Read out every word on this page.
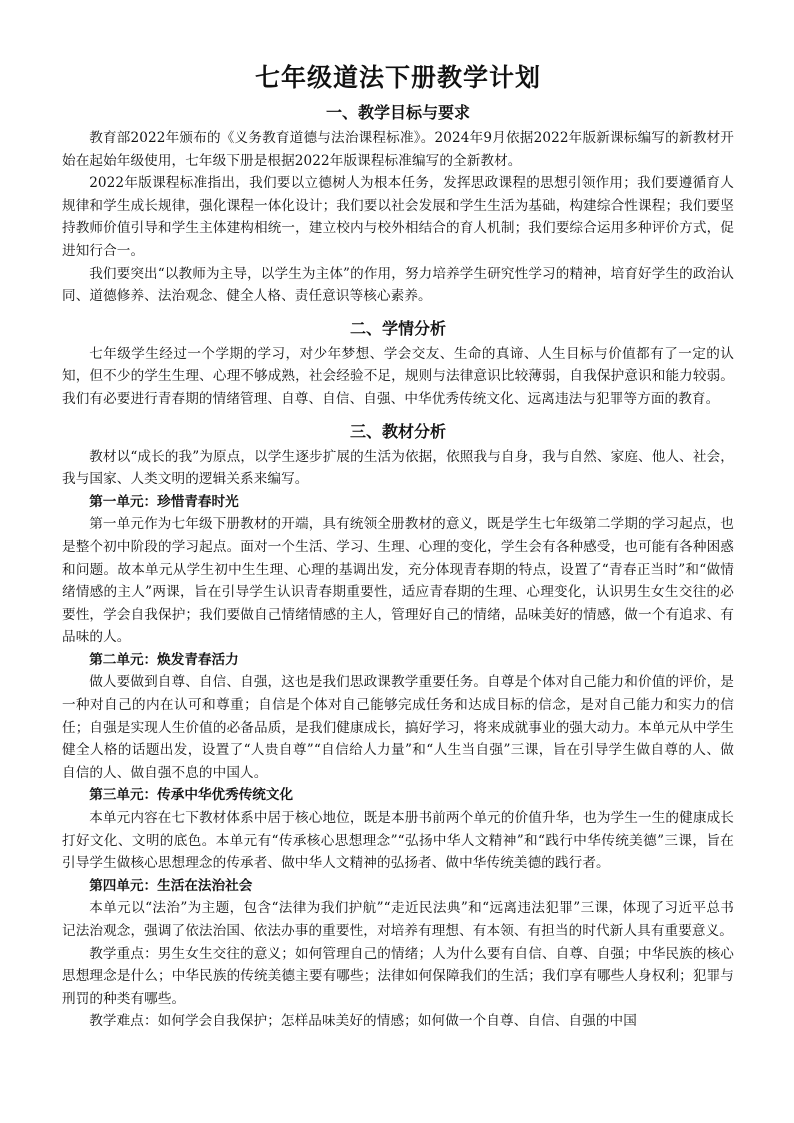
七年级道法下册教学计划
一、教学目标与要求

教育部2022年颁布的《义务教育道德与法治课程标准》。2024年9月依据2022年版新课标编写的新教材开始在起始年级使用，七年级下册是根据2022年版课程标准编写的全新教材。

2022年版课程标准指出，我们要以立德树人为根本任务，发挥思政课程的思想引领作用；我们要遵循育人规律和学生成长规律，强化课程一体化设计；我们要以社会发展和学生生活为基础，构建综合性课程；我们要坚持教师价值引导和学生主体建构相统一，建立校内与校外相结合的育人机制；我们要综合运用多种评价方式，促进知行合一。

我们要突出“以教师为主导，以学生为主体”的作用，努力培养学生研究性学习的精神，培育好学生的政治认同、道德修养、法治观念、健全人格、责任意识等核心素养。

二、学情分析

七年级学生经过一个学期的学习，对少年梦想、学会交友、生命的真谛、人生目标与价值都有了一定的认知，但不少的学生生理、心理不够成熟，社会经验不足，规则与法律意识比较薄弱，自我保护意识和能力较弱。我们有必要进行青春期的情绪管理、自尊、自信、自强、中华优秀传统文化、远离违法与犯罪等方面的教育。

三、教材分析

教材以“成长的我”为原点，以学生逐步扩展的生活为依据，依照我与自身，我与自然、家庭、他人、社会，我与国家、人类文明的逻辑关系来编写。

第一单元：珍惜青春时光

第一单元作为七年级下册教材的开端，具有统领全册教材的意义，既是学生七年级第二学期的学习起点，也是整个初中阶段的学习起点。面对一个生活、学习、生理、心理的变化，学生会有各种感受，也可能有各种困惑和问题。故本单元从学生初中生生理、心理的基调出发，充分体现青春期的特点，设置了“青春正当时”和“做情绪情感的主人”两课，旨在引导学生认识青春期重要性，适应青春期的生理、心理变化，认识男生女生交往的必要性，学会自我保护；我们要做自己情绪情感的主人，管理好自己的情绪，品味美好的情感，做一个有追求、有品味的人。

第二单元：焕发青春活力

做人要做到自尊、自信、自强，这也是我们思政课教学重要任务。自尊是个体对自己能力和价值的评价，是一种对自己的内在认可和尊重；自信是个体对自己能够完成任务和达成目标的信念，是对自己能力和实力的信任；自强是实现人生价值的必备品质，是我们健康成长，搞好学习，将来成就事业的强大动力。本单元从中学生健全人格的话题出发，设置了“人贵自尊”“自信给人力量”和“人生当自强”三课，旨在引导学生做自尊的人、做自信的人、做自强不息的中国人。

第三单元：传承中华优秀传统文化

本单元内容在七下教材体系中居于核心地位，既是本册书前两个单元的价值升华，也为学生一生的健康成长打好文化、文明的底色。本单元有“传承核心思想理念”“弘扬中华人文精神”和“践行中华传统美德”三课，旨在引导学生做核心思想理念的传承者、做中华人文精神的弘扬者、做中华传统美德的践行者。

第四单元：生活在法治社会

本单元以“法治”为主题，包含“法律为我们护航”“走近民法典”和“远离违法犯罪”三课，体现了习近平总书记法治观念，强调了依法治国、依法办事的重要性，对培养有理想、有本领、有担当的时代新人具有重要意义。

教学重点：男生女生交往的意义；如何管理自己的情绪；人为什么要有自信、自尊、自强；中华民族的核心思想理念是什么；中华民族的传统美德主要有哪些；法律如何保障我们的生活；我们享有哪些人身权利；犯罪与刑罚的种类有哪些。

教学难点：如何学会自我保护；怎样品味美好的情感；如何做一个自尊、自信、自强的中国
